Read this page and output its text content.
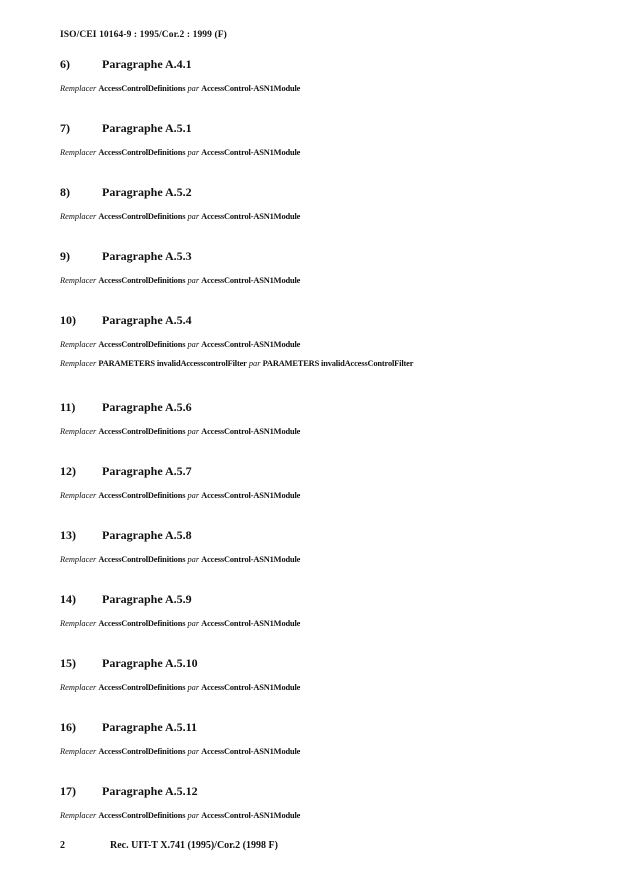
ISO/CEI 10164-9 : 1995/Cor.2 : 1999 (F)
6)	Paragraphe A.4.1
Remplacer AccessControlDefinitions par AccessControl-ASN1Module
7)	Paragraphe A.5.1
Remplacer AccessControlDefinitions par AccessControl-ASN1Module
8)	Paragraphe A.5.2
Remplacer AccessControlDefinitions par AccessControl-ASN1Module
9)	Paragraphe A.5.3
Remplacer AccessControlDefinitions par AccessControl-ASN1Module
10) Paragraphe A.5.4
Remplacer AccessControlDefinitions par AccessControl-ASN1Module
Remplacer PARAMETERS invalidAccesscontrolFilter par PARAMETERS invalidAccessControlFilter
11) Paragraphe A.5.6
Remplacer AccessControlDefinitions par AccessControl-ASN1Module
12) Paragraphe A.5.7
Remplacer AccessControlDefinitions par AccessControl-ASN1Module
13) Paragraphe A.5.8
Remplacer AccessControlDefinitions par AccessControl-ASN1Module
14) Paragraphe A.5.9
Remplacer AccessControlDefinitions par AccessControl-ASN1Module
15) Paragraphe A.5.10
Remplacer AccessControlDefinitions par AccessControl-ASN1Module
16) Paragraphe A.5.11
Remplacer AccessControlDefinitions par AccessControl-ASN1Module
17) Paragraphe A.5.12
Remplacer AccessControlDefinitions par AccessControl-ASN1Module
2	Rec. UIT-T X.741 (1995)/Cor.2 (1998 F)
